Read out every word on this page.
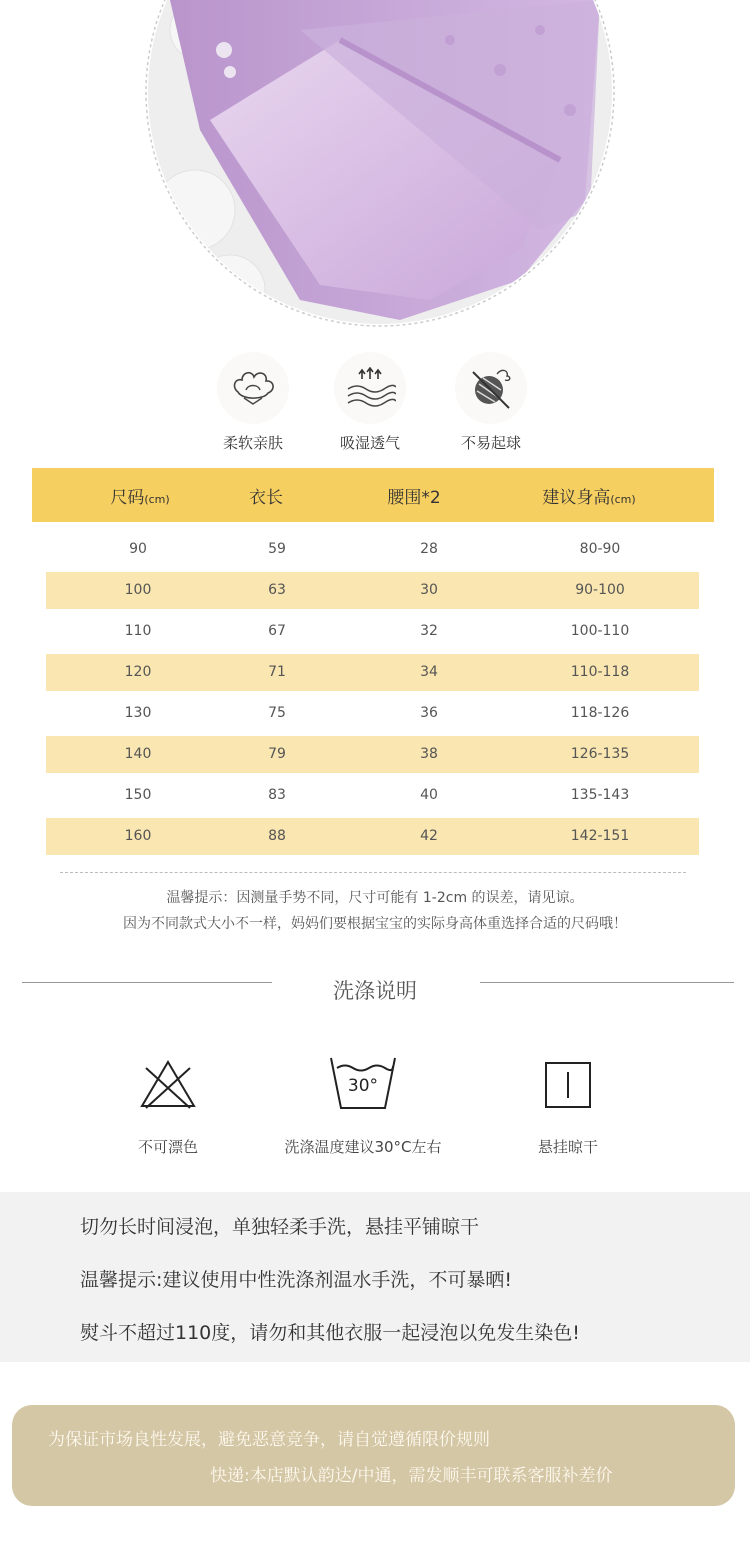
柔软亲肤	吸湿透气	不易起球
尺码(cm)	衣长	腰围*2	建议身高(cm)
90	59	28	80-90
100	63	30	90-100
110	67	32	100-110
120	71	34	110-118
130	75	36	118-126
140	79	38	126-135
150	83	40	135-143
160	88	42	142-151
温馨提示：因测量手势不同，尺寸可能有 1-2cm 的误差，请见谅。
因为不同款式大小不一样，妈妈们要根据宝宝的实际身高体重选择合适的尺码哦！
洗涤说明
不可漂色
30°
洗涤温度建议30°C左右	悬挂晾干
切勿长时间浸泡，单独轻柔手洗，悬挂平铺晾干
温馨提示:建议使用中性洗涤剂温水手洗，不可暴晒!
熨斗不超过110度，请勿和其他衣服一起浸泡以免发生染色!
为保证市场良性发展，避免恶意竞争，请自觉遵循限价规则
快递:本店默认韵达/中通，需发顺丰可联系客服补差价
